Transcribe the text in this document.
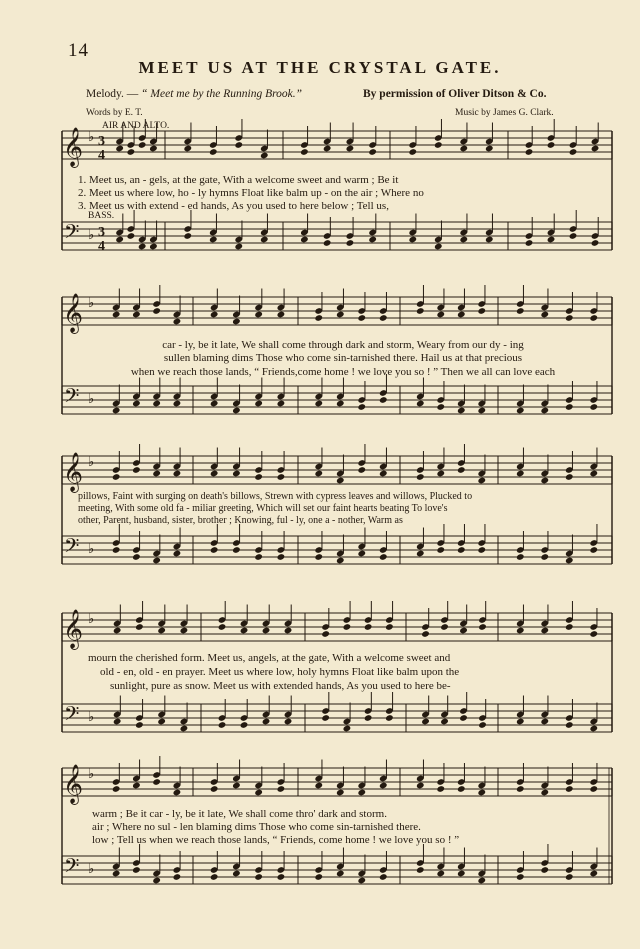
14
MEET US AT THE CRYSTAL GATE.
Melody. — “ Meet me by the Running Brook.”	By permission of Oliver Ditson & Co.
Words by E. T.	Music by James G. Clark.
AIR AND ALTO.
BASS.
𝄞 ♭ 3
4
𝄢 ♭ 3
4
𝄞 ♭
𝄢 ♭
𝄞 ♭
𝄢 ♭
𝄞 ♭
𝄢 ♭
𝄞 ♭
𝄢 ♭
1. Meet us, an - gels, at the gate, With a welcome sweet and warm ; Be it
2. Meet us where low, ho - ly hymns Float like balm up - on the air ; Where no
3. Meet us with extend - ed hands, As you used to here below ; Tell us,
car - ly, be it late, We shall come through dark and storm, Weary from our dy - ing
sullen blaming dims Those who come sin-tarnished there. Hail us at that precious
when we reach those lands, “ Friends,come home ! we love you so ! ” Then we all can love each
pillows, Faint with surging on death's billows, Strewn with cypress leaves and willows, Plucked to
meeting, With some old fa - miliar greeting, Which will set our faint hearts beating To love's
other, Parent, husband, sister, brother ; Knowing, ful - ly, one a - nother, Warm as
mourn the cherished form. Meet us, angels, at the gate, With a welcome sweet and
old - en, old - en prayer. Meet us where low, holy hymns Float like balm upon the
sunlight, pure as snow. Meet us with extended hands, As you used to here be-
warm ; Be it car - ly, be it late, We shall come thro' dark and storm.
air ; Where no sul - len blaming dims Those who come sin-tarnished there.
low ; Tell us when we reach those lands, “ Friends, come home ! we love you so ! ”
